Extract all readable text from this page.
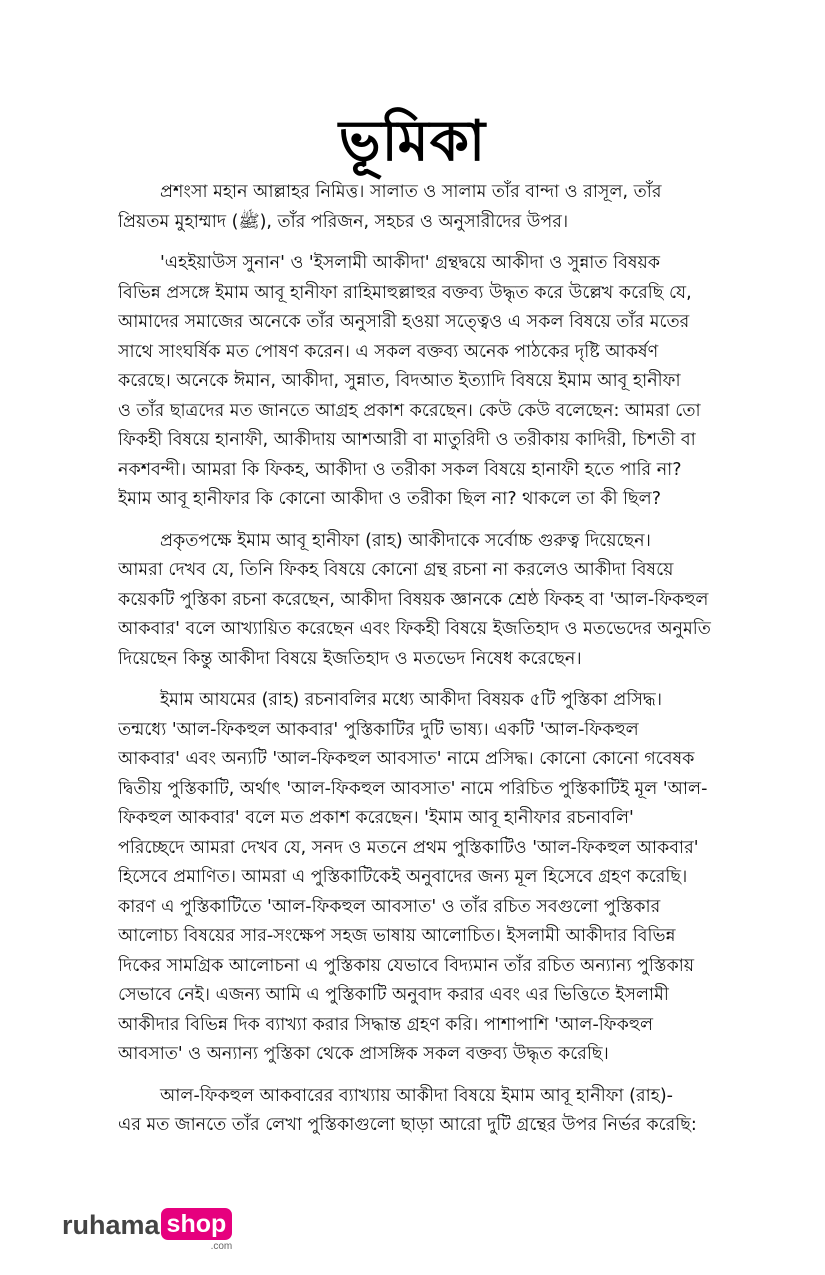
ভূমিকা
প্রশংসা মহান আল্লাহর নিমিত্ত। সালাত ও সালাম তাঁর বান্দা ও রাসূল, তাঁর
প্রিয়তম মুহাম্মাদ (ﷺ), তাঁর পরিজন, সহচর ও অনুসারীদের উপর।
'এহইয়াউস সুনান' ও 'ইসলামী আকীদা' গ্রন্থদ্বয়ে আকীদা ও সুন্নাত বিষয়ক
বিভিন্ন প্রসঙ্গে ইমাম আবূ হানীফা রাহিমাহুল্লাহুর বক্তব্য উদ্ধৃত করে উল্লেখ করেছি যে,
আমাদের সমাজের অনেকে তাঁর অনুসারী হওয়া সত্ত্বেও এ সকল বিষয়ে তাঁর মতের
সাথে সাংঘর্ষিক মত পোষণ করেন। এ সকল বক্তব্য অনেক পাঠকের দৃষ্টি আকর্ষণ
করেছে। অনেকে ঈমান, আকীদা, সুন্নাত, বিদআত ইত্যাদি বিষয়ে ইমাম আবূ হানীফা
ও তাঁর ছাত্রদের মত জানতে আগ্রহ প্রকাশ করেছেন। কেউ কেউ বলেছেন: আমরা তো
ফিকহী বিষয়ে হানাফী, আকীদায় আশআরী বা মাতুরিদী ও তরীকায় কাদিরী, চিশতী বা
নকশবন্দী। আমরা কি ফিকহ, আকীদা ও তরীকা সকল বিষয়ে হানাফী হতে পারি না?
ইমাম আবূ হানীফার কি কোনো আকীদা ও তরীকা ছিল না? থাকলে তা কী ছিল?
প্রকৃতপক্ষে ইমাম আবূ হানীফা (রাহ) আকীদাকে সর্বোচ্চ গুরুত্ব দিয়েছেন।
আমরা দেখব যে, তিনি ফিকহ বিষয়ে কোনো গ্রন্থ রচনা না করলেও আকীদা বিষয়ে
কয়েকটি পুস্তিকা রচনা করেছেন, আকীদা বিষয়ক জ্ঞানকে শ্রেষ্ঠ ফিকহ বা 'আল-ফিকহুল
আকবার' বলে আখ্যায়িত করেছেন এবং ফিকহী বিষয়ে ইজতিহাদ ও মতভেদের অনুমতি
দিয়েছেন কিন্তু আকীদা বিষয়ে ইজতিহাদ ও মতভেদ নিষেধ করেছেন।
ইমাম আযমের (রাহ) রচনাবলির মধ্যে আকীদা বিষয়ক ৫টি পুস্তিকা প্রসিদ্ধ।
তন্মধ্যে 'আল-ফিকহুল আকবার' পুস্তিকাটির দুটি ভাষ্য। একটি 'আল-ফিকহুল
আকবার' এবং অন্যটি 'আল-ফিকহুল আবসাত' নামে প্রসিদ্ধ। কোনো কোনো গবেষক
দ্বিতীয় পুস্তিকাটি, অর্থাৎ 'আল-ফিকহুল আবসাত' নামে পরিচিত পুস্তিকাটিই মূল 'আল-
ফিকহুল আকবার' বলে মত প্রকাশ করেছেন। 'ইমাম আবূ হানীফার রচনাবলি'
পরিচ্ছেদে আমরা দেখব যে, সনদ ও মতনে প্রথম পুস্তিকাটিও 'আল-ফিকহুল আকবার'
হিসেবে প্রমাণিত। আমরা এ পুস্তিকাটিকেই অনুবাদের জন্য মূল হিসেবে গ্রহণ করেছি।
কারণ এ পুস্তিকাটিতে 'আল-ফিকহুল আবসাত' ও তাঁর রচিত সবগুলো পুস্তিকার
আলোচ্য বিষয়ের সার-সংক্ষেপ সহজ ভাষায় আলোচিত। ইসলামী আকীদার বিভিন্ন
দিকের সামগ্রিক আলোচনা এ পুস্তিকায় যেভাবে বিদ্যমান তাঁর রচিত অন্যান্য পুস্তিকায়
সেভাবে নেই। এজন্য আমি এ পুস্তিকাটি অনুবাদ করার এবং এর ভিত্তিতে ইসলামী
আকীদার বিভিন্ন দিক ব্যাখ্যা করার সিদ্ধান্ত গ্রহণ করি। পাশাপাশি 'আল-ফিকহুল
আবসাত' ও অন্যান্য পুস্তিকা থেকে প্রাসঙ্গিক সকল বক্তব্য উদ্ধৃত করেছি।
আল-ফিকহুল আকবারের ব্যাখ্যায় আকীদা বিষয়ে ইমাম আবূ হানীফা (রাহ)-
এর মত জানতে তাঁর লেখা পুস্তিকাগুলো ছাড়া আরো দুটি গ্রন্থের উপর নির্ভর করেছি:
ruhama shop
.com
